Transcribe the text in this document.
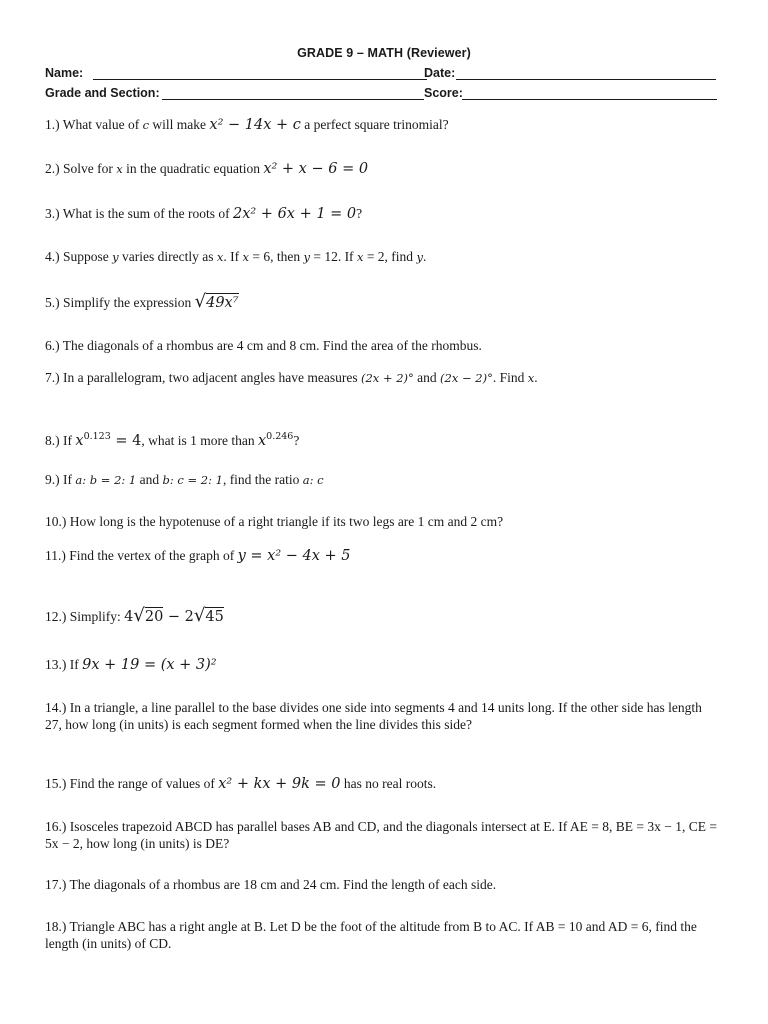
GRADE 9 – MATH (Reviewer)
Name:	Date:
Grade and Section:	Score:
1.) What value of c will make x² − 14x + c a perfect square trinomial?
2.) Solve for x in the quadratic equation x² + x − 6 = 0
3.) What is the sum of the roots of 2x² + 6x + 1 = 0?
4.) Suppose y varies directly as x. If x = 6, then y = 12. If x = 2, find y.
5.) Simplify the expression √49x⁷
6.) The diagonals of a rhombus are 4 cm and 8 cm. Find the area of the rhombus.
7.) In a parallelogram, two adjacent angles have measures (2x + 2)° and (2x − 2)°. Find x.
8.) If $x^{0.123} = 4$, what is 1 more than $x^{0.246}$?
9.) If a: b = 2: 1 and b: c = 2: 1, find the ratio a: c
10.) How long is the hypotenuse of a right triangle if its two legs are 1 cm and 2 cm?
11.) Find the vertex of the graph of y = x² − 4x + 5
12.) Simplify: 4√20 − 2√45
13.) If 9x + 19 = (x + 3)²
14.) In a triangle, a line parallel to the base divides one side into segments 4 and 14 units long. If the other side has length 27, how long (in units) is each segment formed when the line divides this side?
15.) Find the range of values of x² + kx + 9k = 0 has no real roots.
16.) Isosceles trapezoid ABCD has parallel bases AB and CD, and the diagonals intersect at E. If AE = 8, BE = 3x − 1, CE = 5x − 2, how long (in units) is DE?
17.) The diagonals of a rhombus are 18 cm and 24 cm. Find the length of each side.
18.) Triangle ABC has a right angle at B. Let D be the foot of the altitude from B to AC. If AB = 10 and AD = 6, find the length (in units) of CD.
